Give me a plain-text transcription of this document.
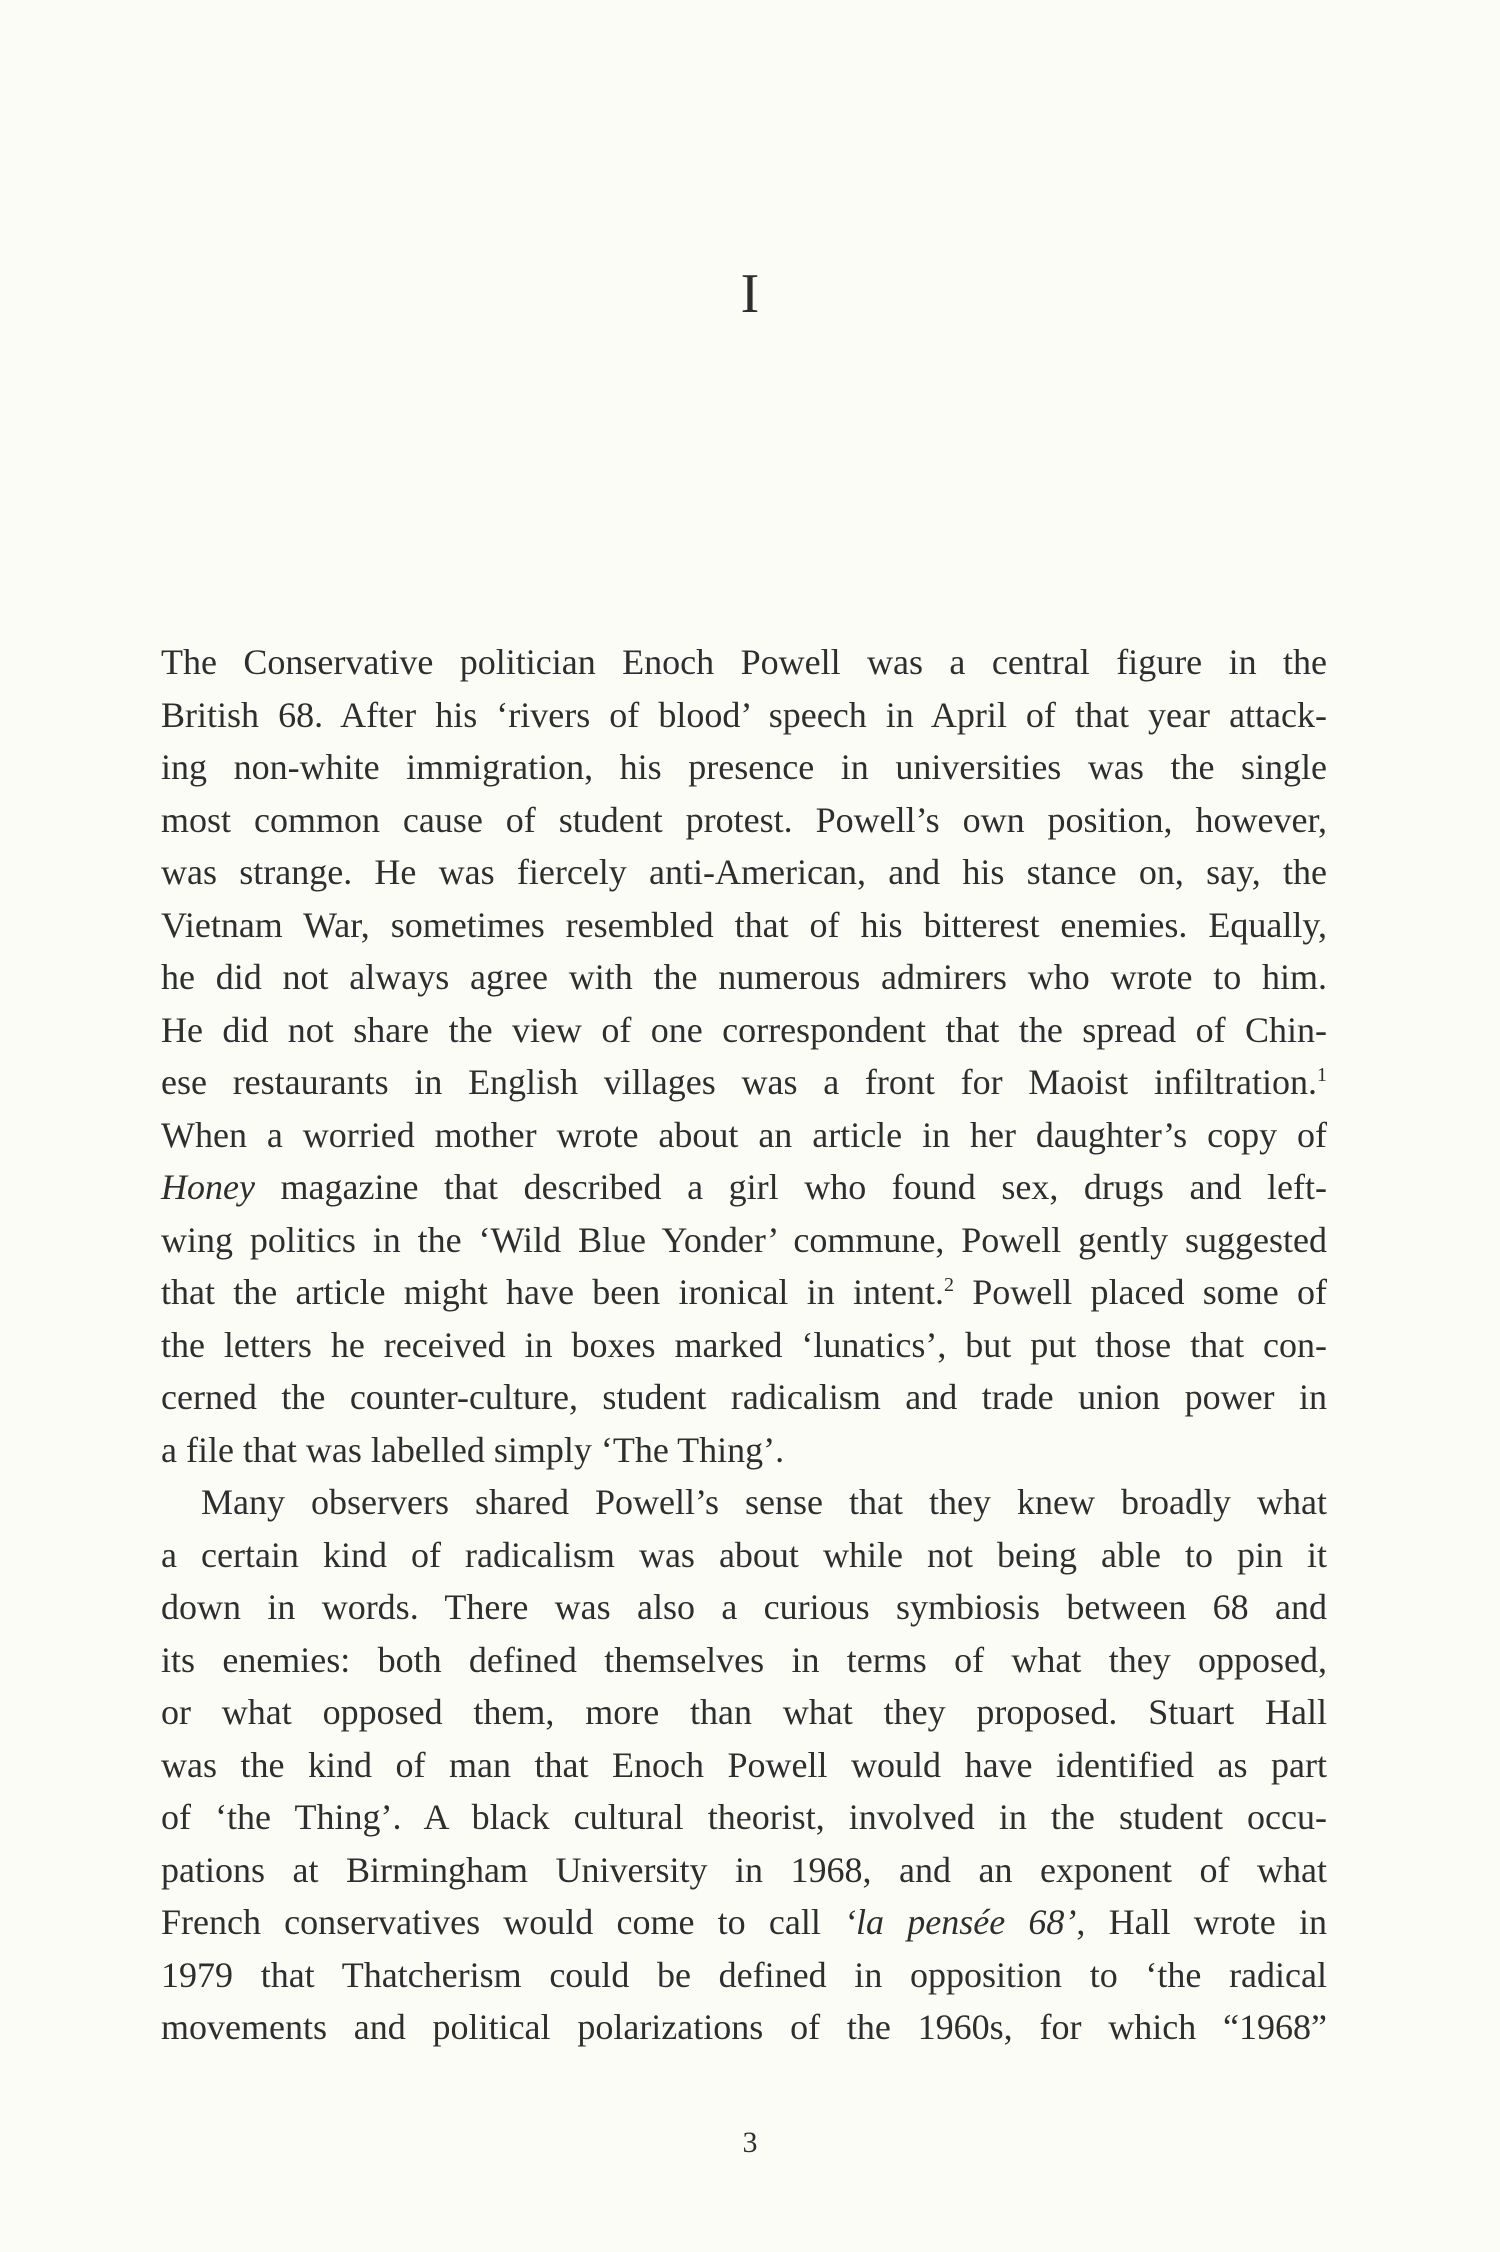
I
The Conservative politician Enoch Powell was a central figure in the
British 68. After his ‘rivers of blood’ speech in April of that year attack-
ing non-white immigration, his presence in universities was the single
most common cause of student protest. Powell’s own position, however,
was strange. He was fiercely anti-American, and his stance on, say, the
Vietnam War, sometimes resembled that of his bitterest enemies. Equally,
he did not always agree with the numerous admirers who wrote to him.
He did not share the view of one correspondent that the spread of Chin-
ese restaurants in English villages was a front for Maoist infiltration.$^1$
When a worried mother wrote about an article in her daughter’s copy of
Honey magazine that described a girl who found sex, drugs and left-
wing politics in the ‘Wild Blue Yonder’ commune, Powell gently suggested
that the article might have been ironical in intent.$^2$ Powell placed some of
the letters he received in boxes marked ‘lunatics’, but put those that con-
cerned the counter-culture, student radicalism and trade union power in
a file that was labelled simply ‘The Thing’.
Many observers shared Powell’s sense that they knew broadly what
a certain kind of radicalism was about while not being able to pin it
down in words. There was also a curious symbiosis between 68 and
its enemies: both defined themselves in terms of what they opposed,
or what opposed them, more than what they proposed. Stuart Hall
was the kind of man that Enoch Powell would have identified as part
of ‘the Thing’. A black cultural theorist, involved in the student occu-
pations at Birmingham University in 1968, and an exponent of what
French conservatives would come to call ‘la pensée 68’, Hall wrote in
1979 that Thatcherism could be defined in opposition to ‘the radical
movements and political polarizations of the 1960s, for which “1968”
3
